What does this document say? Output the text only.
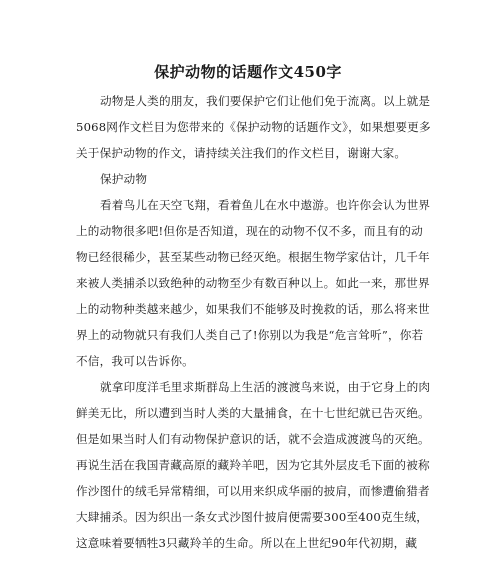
保护动物的话题作文450字
动物是人类的朋友，我们要保护它们让他们免于流离。以上就是
5068网作文栏目为您带来的《保护动物的话题作文》，如果想要更多
关于保护动物的作文，请持续关注我们的作文栏目，谢谢大家。
保护动物
看着鸟儿在天空飞翔，看着鱼儿在水中遨游。也许你会认为世界
上的动物很多吧!但你是否知道，现在的动物不仅不多，而且有的动
物已经很稀少，甚至某些动物已经灭绝。根据生物学家估计，几千年
来被人类捕杀以致绝种的动物至少有数百种以上。如此一来，那世界
上的动物种类越来越少，如果我们不能够及时挽救的话，那么将来世
界上的动物就只有我们人类自己了!你别以为我是“危言耸听”，你若
不信，我可以告诉你。
就拿印度洋毛里求斯群岛上生活的渡渡鸟来说，由于它身上的肉
鲜美无比，所以遭到当时人类的大量捕食，在十七世纪就已告灭绝。
但是如果当时人们有动物保护意识的话，就不会造成渡渡鸟的灭绝。
再说生活在我国青藏高原的藏羚羊吧，因为它其外层皮毛下面的被称
作沙图什的绒毛异常精细，可以用来织成华丽的披肩，而惨遭偷猎者
大肆捕杀。因为织出一条女式沙图什披肩便需要300至400克生绒，
这意味着要牺牲3只藏羚羊的生命。所以在上世纪90年代初期，藏
